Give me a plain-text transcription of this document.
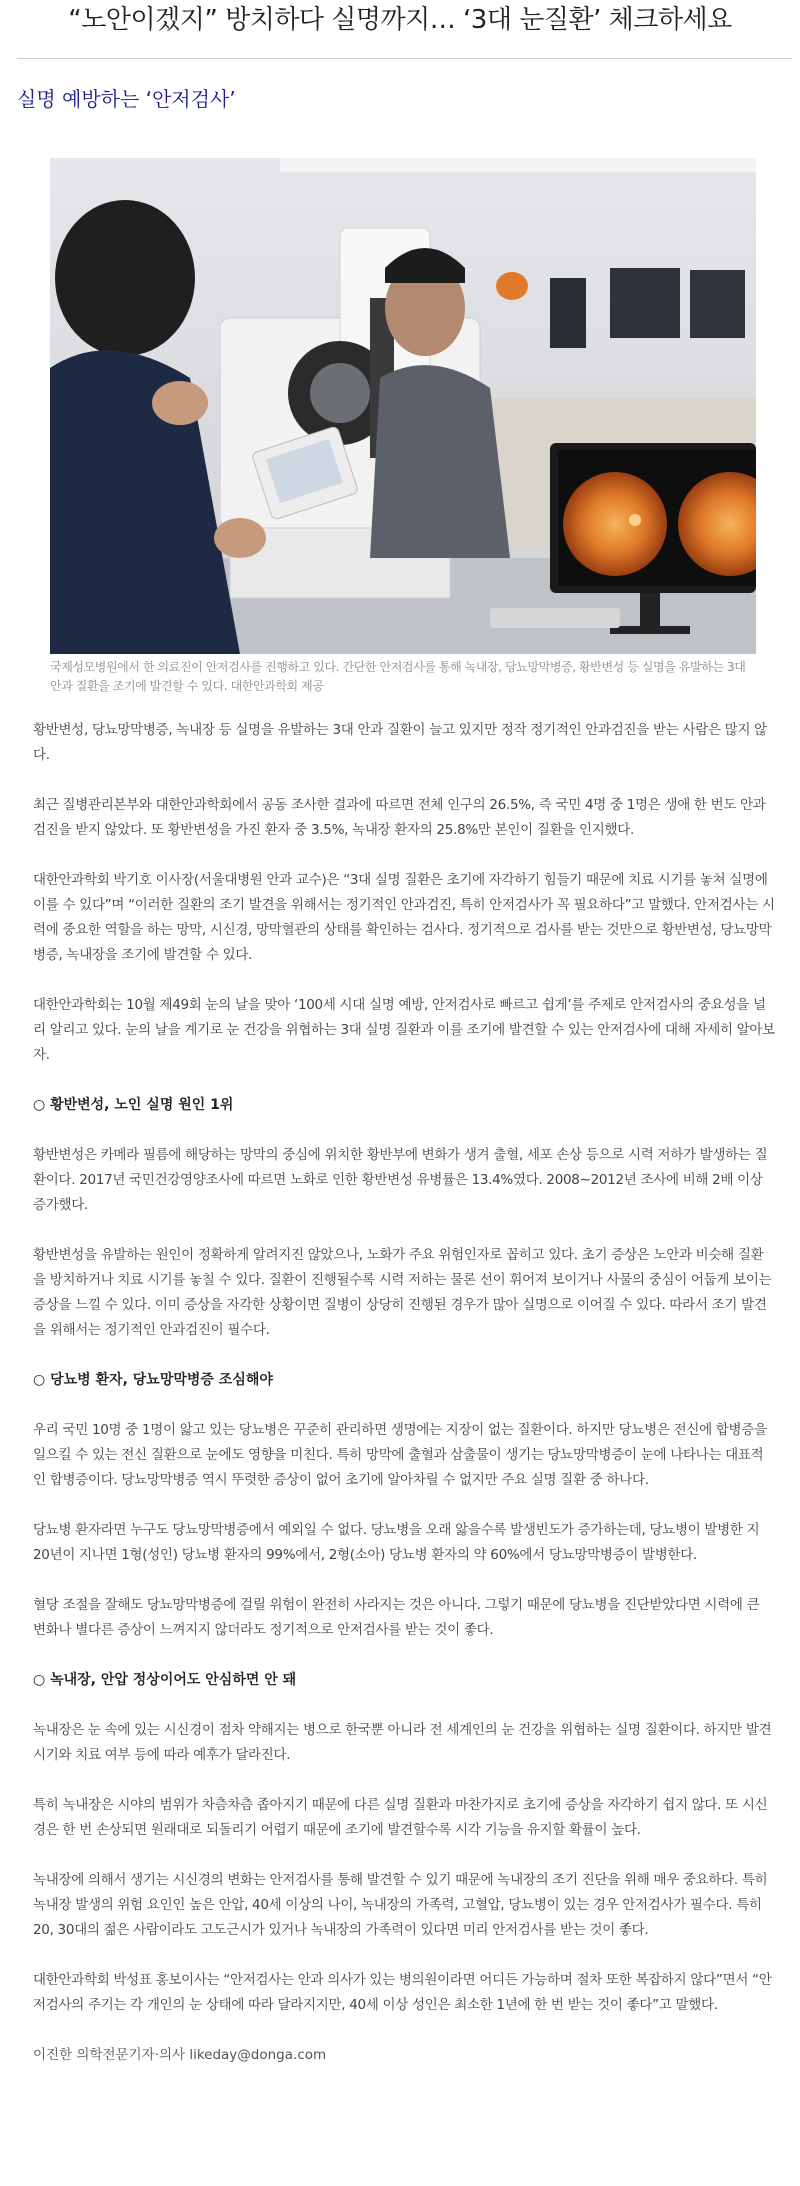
“노안이겠지” 방치하다 실명까지… ‘3대 눈질환’ 체크하세요
실명 예방하는 ‘안저검사’
국제성모병원에서 한 의료진이 안저검사를 진행하고 있다. 간단한 안저검사를 통해 녹내장, 당뇨망막병증, 황반변성 등 실명을 유발하는 3대 안과 질환을 조기에 발견할 수 있다. 대한안과학회 제공
황반변성, 당뇨망막병증, 녹내장 등 실명을 유발하는 3대 안과 질환이 늘고 있지만 정작 정기적인 안과검진을 받는 사람은 많지 않다.
최근 질병관리본부와 대한안과학회에서 공동 조사한 결과에 따르면 전체 인구의 26.5%, 즉 국민 4명 중 1명은 생애 한 번도 안과검진을 받지 않았다. 또 황반변성을 가진 환자 중 3.5%, 녹내장 환자의 25.8%만 본인이 질환을 인지했다.
대한안과학회 박기호 이사장(서울대병원 안과 교수)은 “3대 실명 질환은 초기에 자각하기 힘들기 때문에 치료 시기를 놓쳐 실명에 이를 수 있다”며 “이러한 질환의 조기 발견을 위해서는 정기적인 안과검진, 특히 안저검사가 꼭 필요하다”고 말했다. 안저검사는 시력에 중요한 역할을 하는 망막, 시신경, 망막혈관의 상태를 확인하는 검사다. 정기적으로 검사를 받는 것만으로 황반변성, 당뇨망막병증, 녹내장을 조기에 발견할 수 있다.
대한안과학회는 10월 제49회 눈의 날을 맞아 ‘100세 시대 실명 예방, 안저검사로 빠르고 쉽게’를 주제로 안저검사의 중요성을 널리 알리고 있다. 눈의 날을 계기로 눈 건강을 위협하는 3대 실명 질환과 이를 조기에 발견할 수 있는 안저검사에 대해 자세히 알아보자.
○ 황반변성, 노인 실명 원인 1위
황반변성은 카메라 필름에 해당하는 망막의 중심에 위치한 황반부에 변화가 생겨 출혈, 세포 손상 등으로 시력 저하가 발생하는 질환이다. 2017년 국민건강영양조사에 따르면 노화로 인한 황반변성 유병률은 13.4%였다. 2008∼2012년 조사에 비해 2배 이상 증가했다.
황반변성을 유발하는 원인이 정확하게 알려지진 않았으나, 노화가 주요 위험인자로 꼽히고 있다. 초기 증상은 노안과 비슷해 질환을 방치하거나 치료 시기를 놓칠 수 있다. 질환이 진행될수록 시력 저하는 물론 선이 휘어져 보이거나 사물의 중심이 어둡게 보이는 증상을 느낄 수 있다. 이미 증상을 자각한 상황이면 질병이 상당히 진행된 경우가 많아 실명으로 이어질 수 있다. 따라서 조기 발견을 위해서는 정기적인 안과검진이 필수다.
○ 당뇨병 환자, 당뇨망막병증 조심해야
우리 국민 10명 중 1명이 앓고 있는 당뇨병은 꾸준히 관리하면 생명에는 지장이 없는 질환이다. 하지만 당뇨병은 전신에 합병증을 일으킬 수 있는 전신 질환으로 눈에도 영향을 미친다. 특히 망막에 출혈과 삼출물이 생기는 당뇨망막병증이 눈에 나타나는 대표적인 합병증이다. 당뇨망막병증 역시 뚜렷한 증상이 없어 초기에 알아차릴 수 없지만 주요 실명 질환 중 하나다.
당뇨병 환자라면 누구도 당뇨망막병증에서 예외일 수 없다. 당뇨병을 오래 앓을수록 발생빈도가 증가하는데, 당뇨병이 발병한 지 20년이 지나면 1형(성인) 당뇨병 환자의 99%에서, 2형(소아) 당뇨병 환자의 약 60%에서 당뇨망막병증이 발병한다.
혈당 조절을 잘해도 당뇨망막병증에 걸릴 위험이 완전히 사라지는 것은 아니다. 그렇기 때문에 당뇨병을 진단받았다면 시력에 큰 변화나 별다른 증상이 느껴지지 않더라도 정기적으로 안저검사를 받는 것이 좋다.
○ 녹내장, 안압 정상이어도 안심하면 안 돼
녹내장은 눈 속에 있는 시신경이 점차 약해지는 병으로 한국뿐 아니라 전 세계인의 눈 건강을 위협하는 실명 질환이다. 하지만 발견 시기와 치료 여부 등에 따라 예후가 달라진다.
특히 녹내장은 시야의 범위가 차츰차츰 좁아지기 때문에 다른 실명 질환과 마찬가지로 초기에 증상을 자각하기 쉽지 않다. 또 시신경은 한 번 손상되면 원래대로 되돌리기 어렵기 때문에 조기에 발견할수록 시각 기능을 유지할 확률이 높다.
녹내장에 의해서 생기는 시신경의 변화는 안저검사를 통해 발견할 수 있기 때문에 녹내장의 조기 진단을 위해 매우 중요하다. 특히 녹내장 발생의 위험 요인인 높은 안압, 40세 이상의 나이, 녹내장의 가족력, 고혈압, 당뇨병이 있는 경우 안저검사가 필수다. 특히 20, 30대의 젊은 사람이라도 고도근시가 있거나 녹내장의 가족력이 있다면 미리 안저검사를 받는 것이 좋다.
대한안과학회 박성표 홍보이사는 “안저검사는 안과 의사가 있는 병의원이라면 어디든 가능하며 절차 또한 복잡하지 않다”면서 “안저검사의 주기는 각 개인의 눈 상태에 따라 달라지지만, 40세 이상 성인은 최소한 1년에 한 번 받는 것이 좋다”고 말했다.
이진한 의학전문기자·의사 likeday@donga.com
